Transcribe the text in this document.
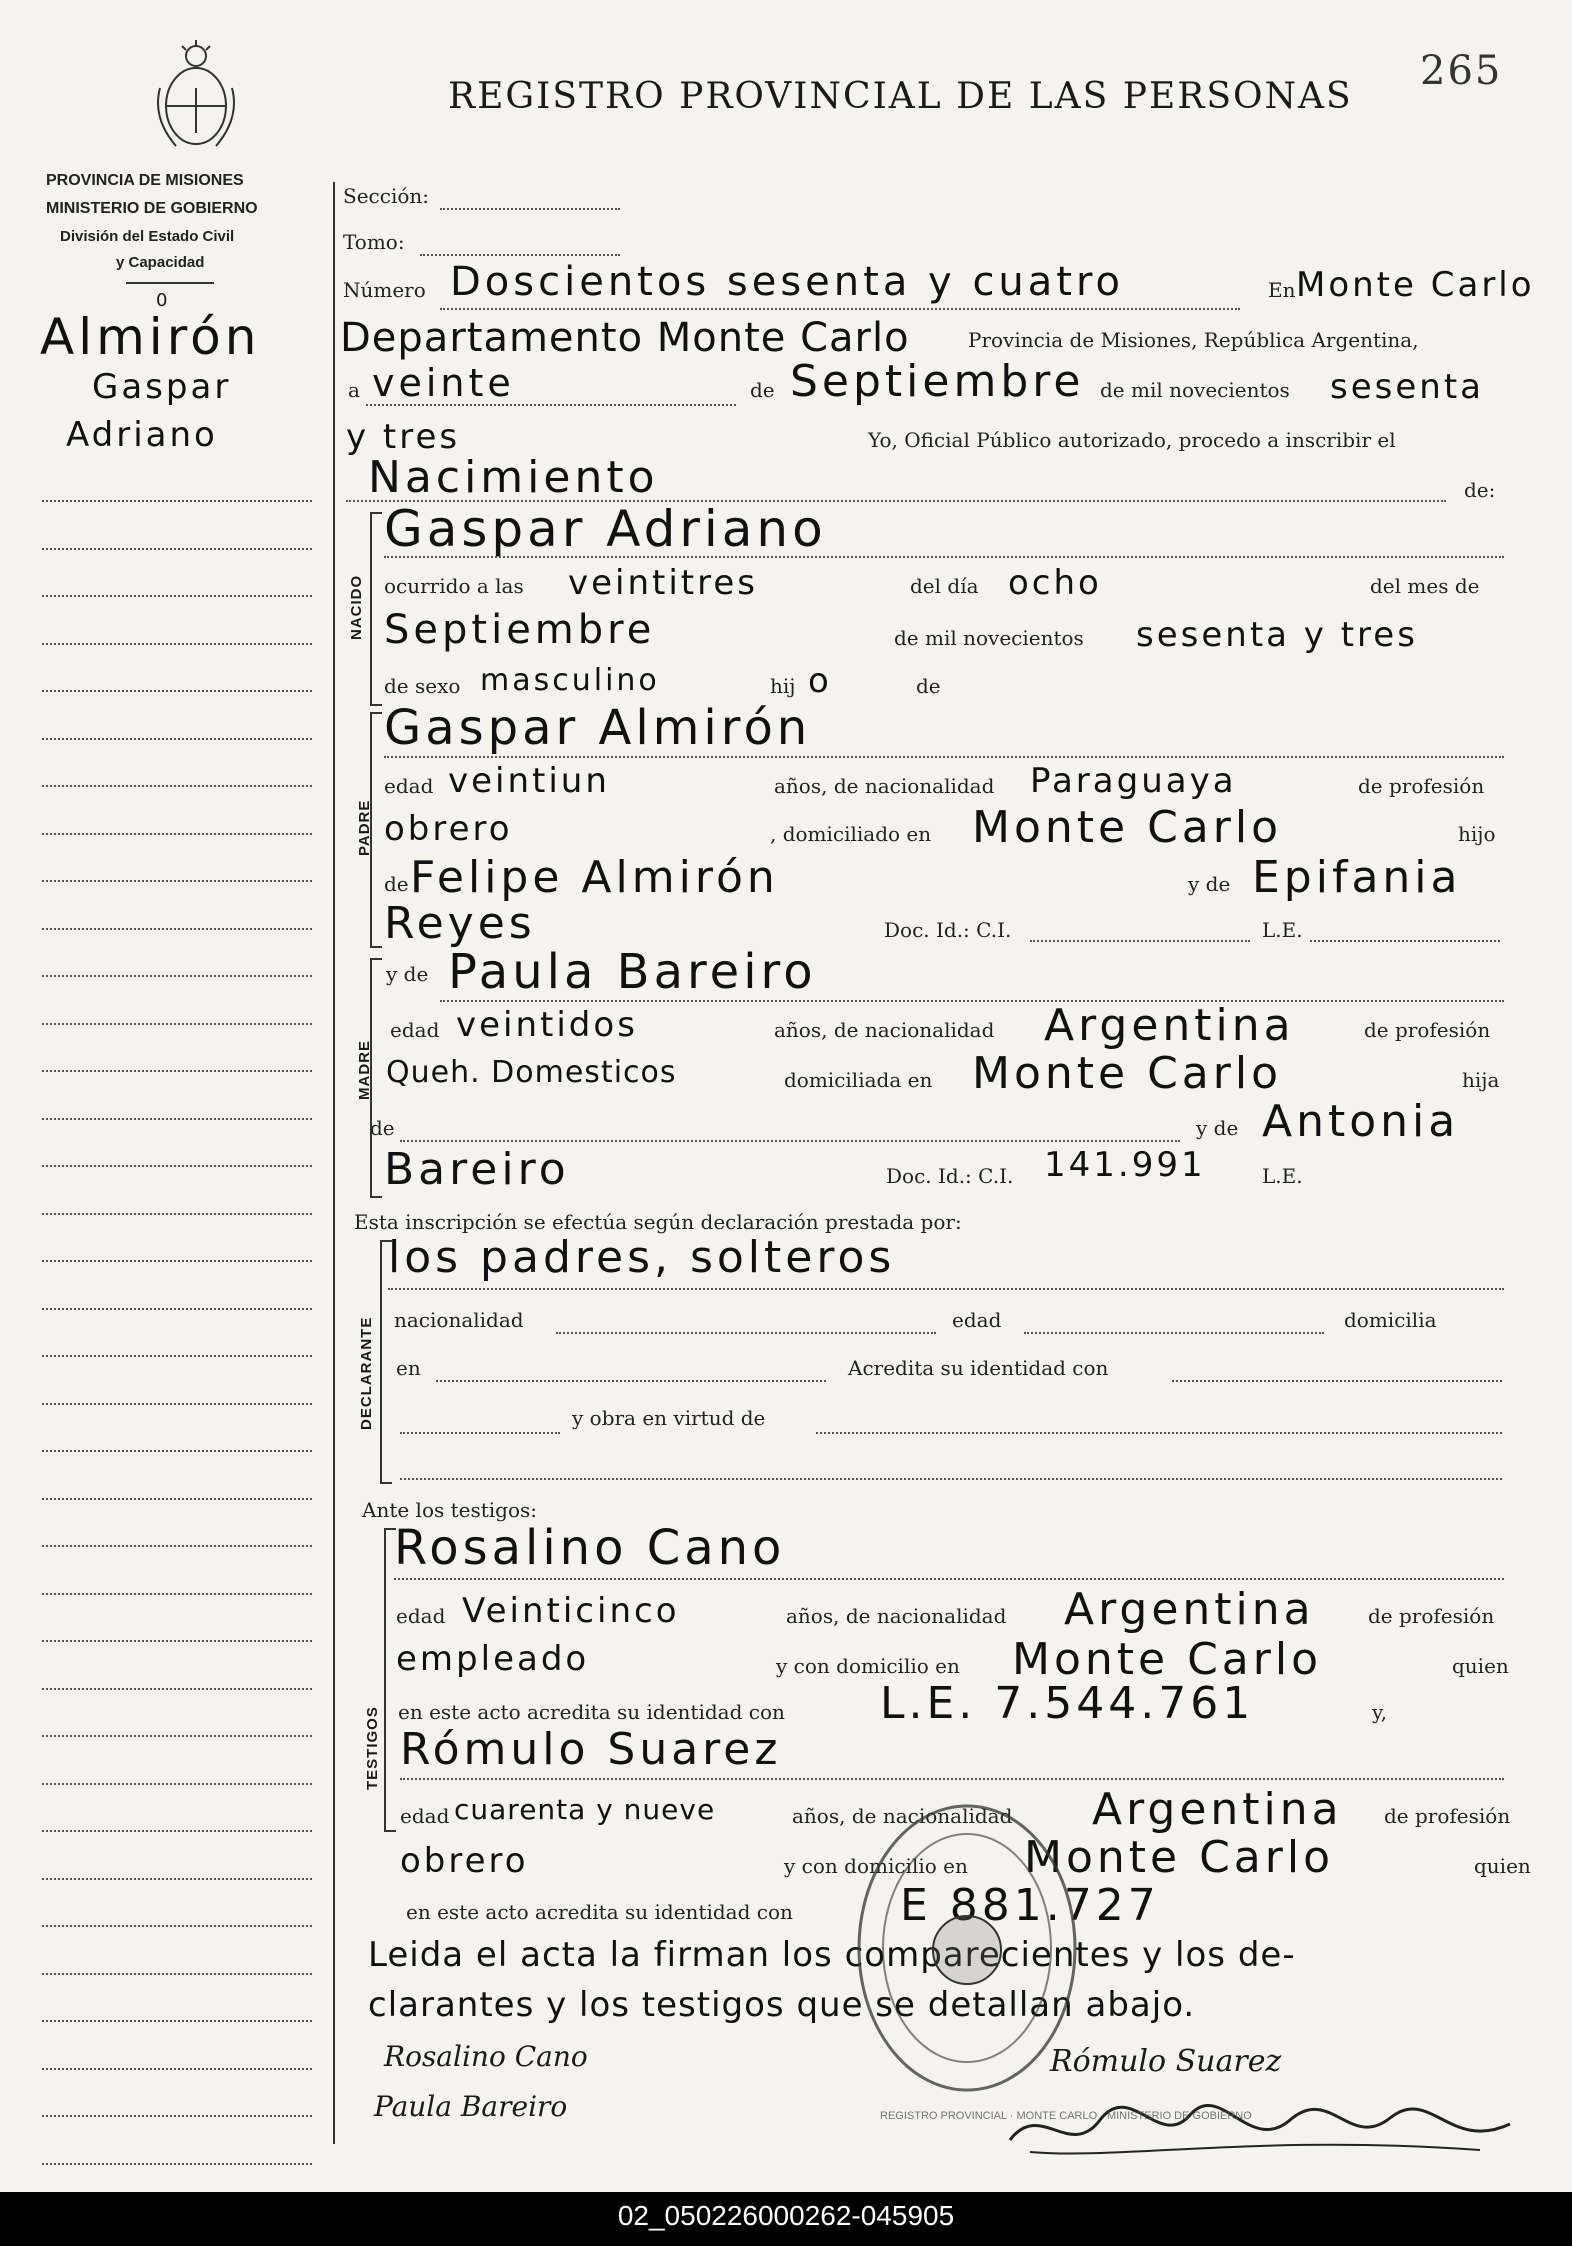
REGISTRO PROVINCIAL DE LAS PERSONAS
265
PROVINCIA DE MISIONES
MINISTERIO DE GOBIERNO
División del Estado Civil
y Capacidad
0
Almirón
Gaspar
Adriano
Sección:
Tomo:
Número Doscientos sesenta y cuatro	En Monte Carlo
Departamento Monte Carlo	Provincia de Misiones, República Argentina,
a veinte	de Septiembre de mil novecientos sesenta
y tres	Yo, Oficial Público autorizado, procedo a inscribir el
Nacimiento	de:
NACIDO
Gaspar Adriano
ocurrido a las veintitres	del día ocho	del mes de
Septiembre	de mil novecientos sesenta y tres
de sexo masculino	hij o	de
PADRE
Gaspar Almirón
edad veintiun	años, de nacionalidad Paraguaya	de profesión
obrero	, domiciliado en Monte Carlo	hijo
de Felipe Almirón	y de Epifania
Reyes	Doc. Id.: C.I.	L.E.
MADRE
y de Paula Bareiro
edad veintidos	años, de nacionalidad Argentina	de profesión
Queh. Domesticos	domiciliada en Monte Carlo	hija
de	y de Antonia
Bareiro	Doc. Id.: C.I. 141.991	L.E.
Esta inscripción se efectúa según declaración prestada por:
DECLARANTE
los padres, solteros
nacionalidad	edad	domicilia
en	Acredita su identidad con
y obra en virtud de
Ante los testigos:
TESTIGOS
Rosalino Cano
edad Veinticinco	años, de nacionalidad Argentina	de profesión
empleado	y con domicilio en Monte Carlo	quien
en este acto acredita su identidad con L.E. 7.544.761	y,
Rómulo Suarez
edad cuarenta y nueve	años, de nacionalidad Argentina de profesión
obrero	y con domicilio en Monte Carlo	quien
en este acto acredita su identidad con E 881.727
Leida el acta la firman los comparecientes y los de-
clarantes y los testigos que se detallan abajo.
Rosalino Cano
Paula Bareiro
Rómulo Suarez
REGISTRO PROVINCIAL · MONTE CARLO · MINISTERIO DE GOBIERNO
02_050226000262-045905
